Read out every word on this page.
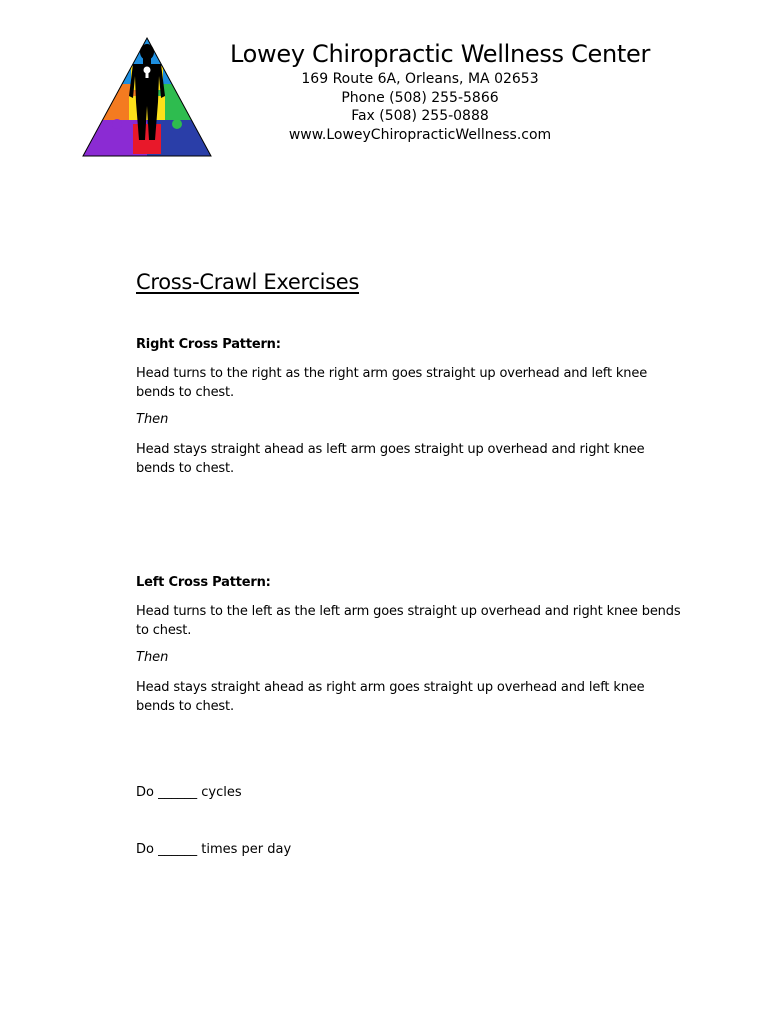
Lowey Chiropractic Wellness Center
169 Route 6A, Orleans, MA 02653
Phone (508) 255-5866
Fax (508) 255-0888
www.LoweyChiropracticWellness.com
Cross-Crawl Exercises
Right Cross Pattern:
Head turns to the right as the right arm goes straight up overhead and left knee bends to chest.
Then
Head stays straight ahead as left arm goes straight up overhead and right knee bends to chest.
Left Cross Pattern:
Head turns to the left as the left arm goes straight up overhead and right knee bends to chest.
Then
Head stays straight ahead as right arm goes straight up overhead and left knee bends to chest.
Do ______ cycles
Do ______ times per day
